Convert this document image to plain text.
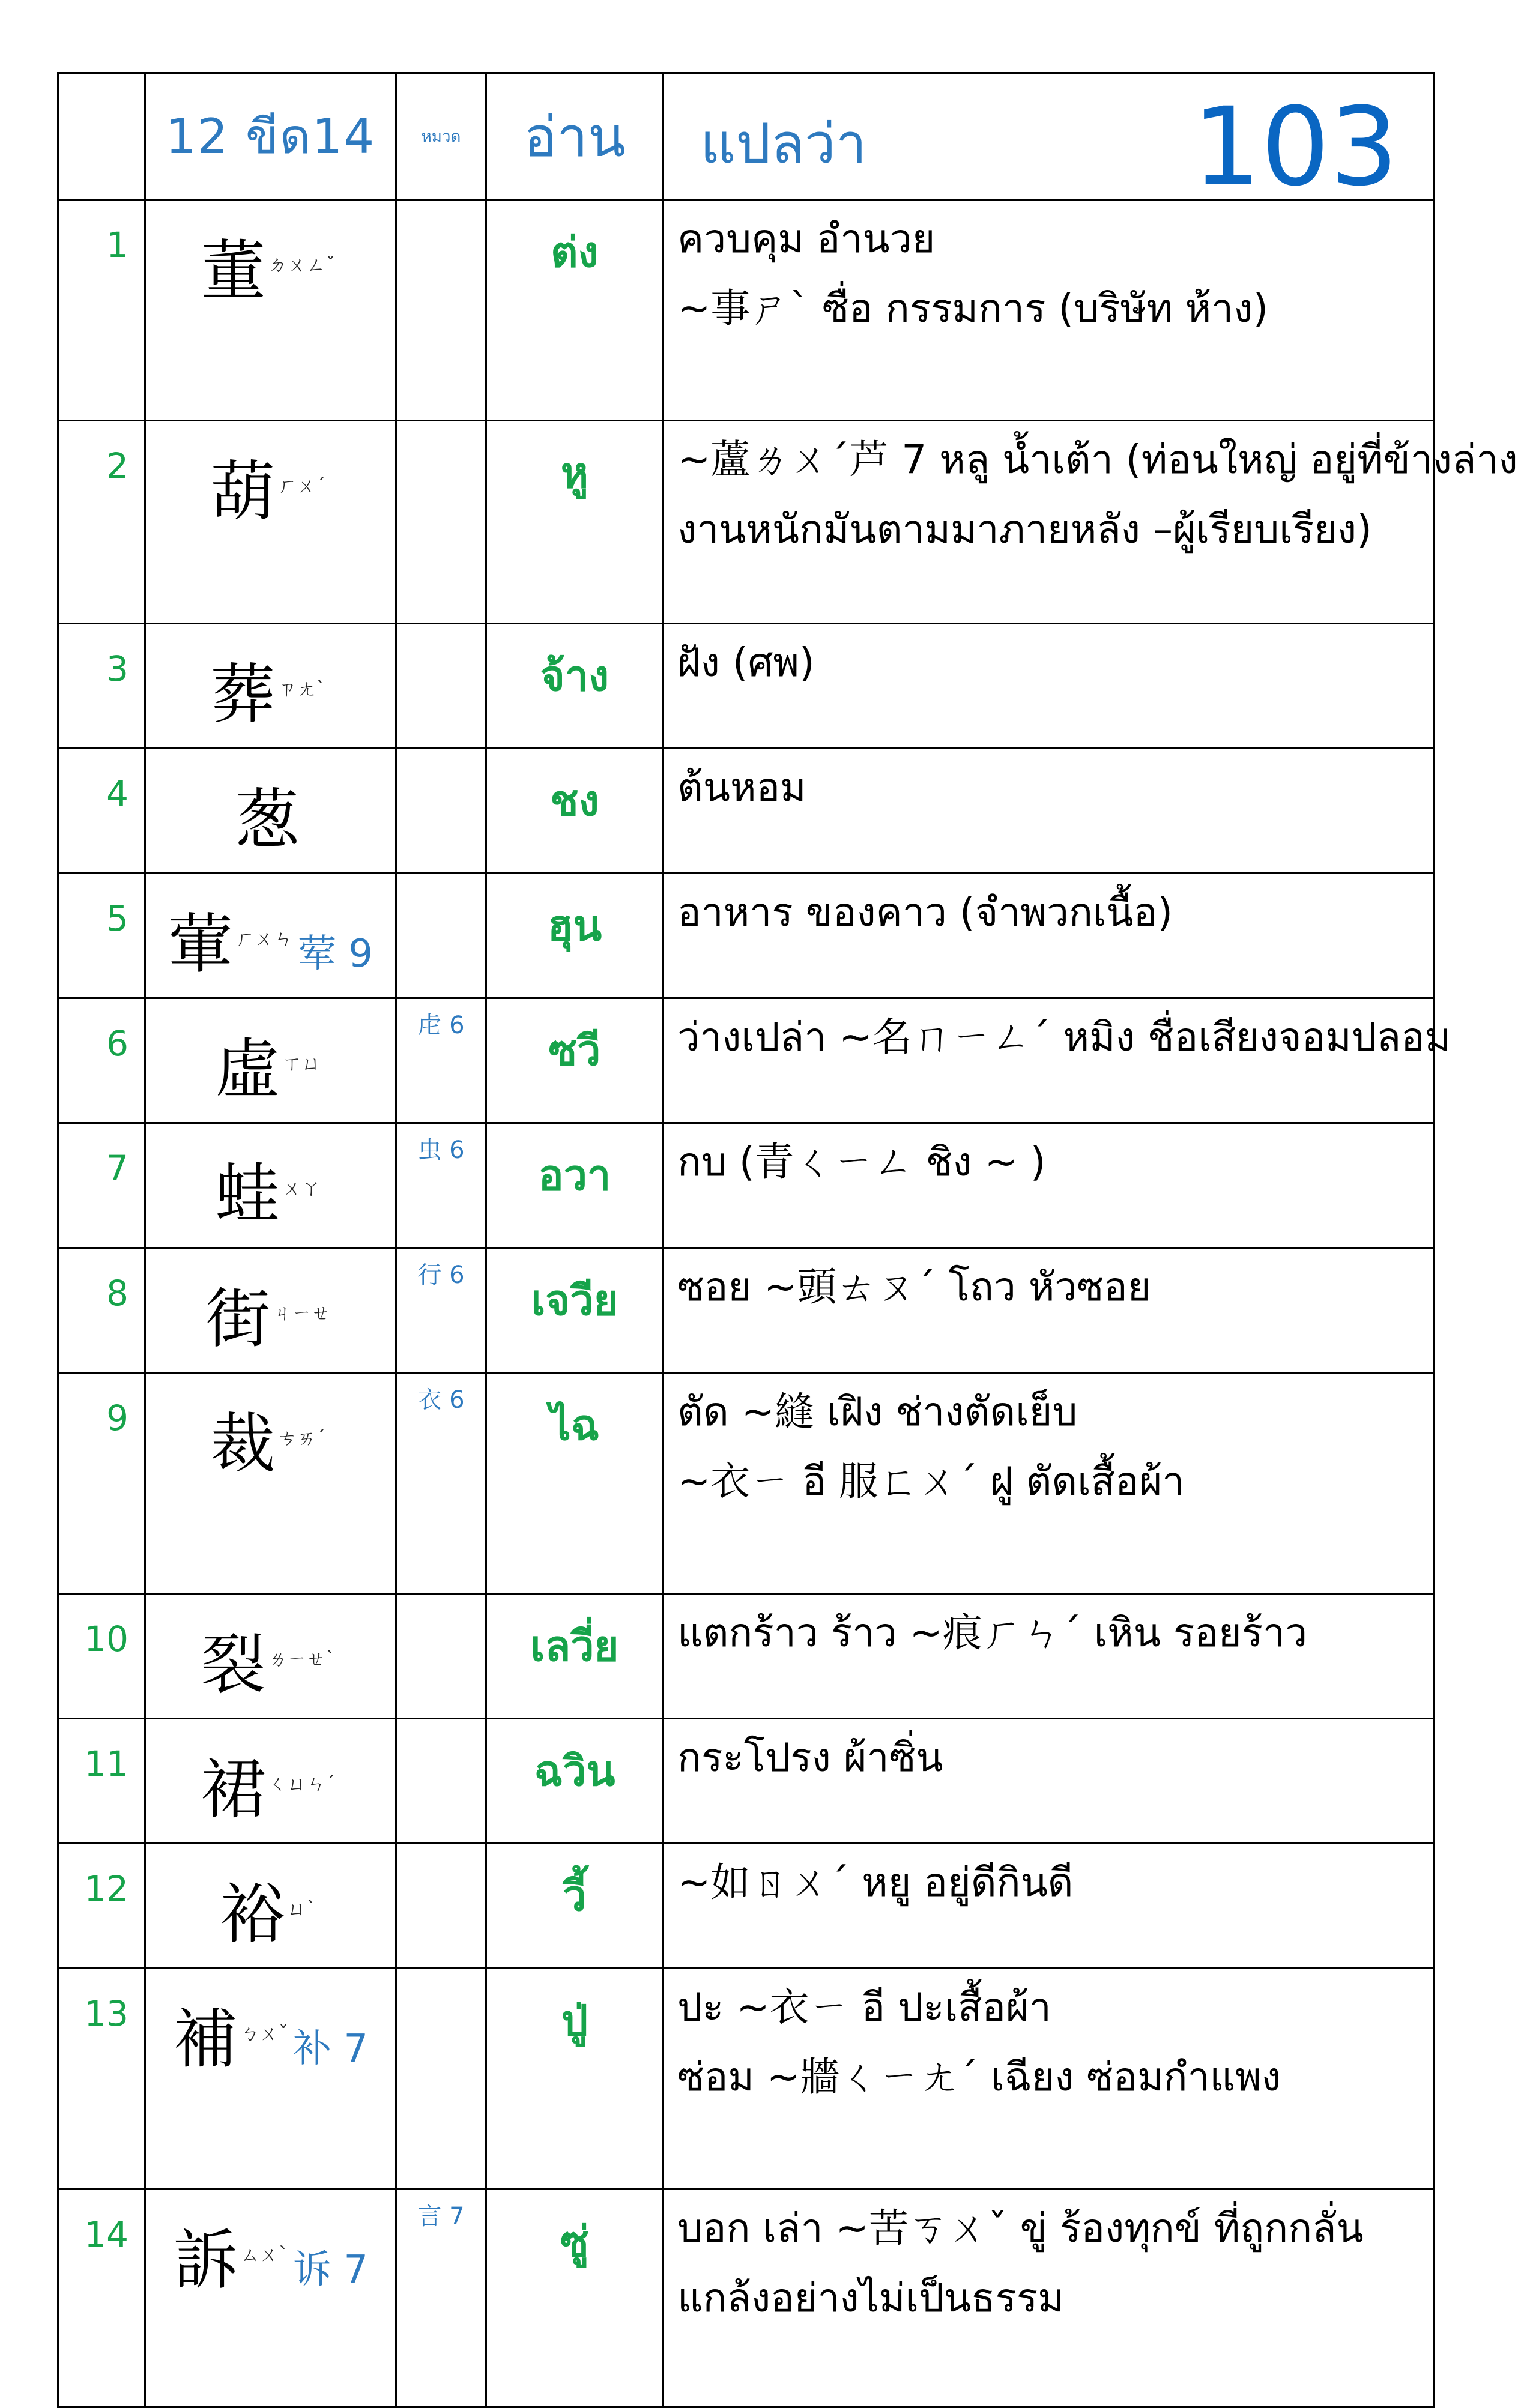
	12 ขีด14	หมวด	อ่าน	แปลว่า 103

1	董ㄉㄨㄥˇ		ต่ง	ควบคุม อำนวย
~事ㄕˋ ซื่อ กรรมการ (บริษัท ห้าง)

2	葫ㄏㄨˊ		หู	~蘆ㄌㄨˊ芦 7 หลู น้ำเต้า (ท่อนใหญ่ อยู่ที่ข้างล่าง
งานหนักมันตามมาภายหลัง –ผู้เรียบเรียง)

3	葬ㄗㄤˋ		จ้าง	ฝัง (ศพ)

4	葱		ชง	ต้นหอม

5	葷ㄏㄨㄣ 荤 9		ฮุน	อาหาร ของคาว (จำพวกเนื้อ)

6	虛ㄒㄩ	虍 6	ซวี	ว่างเปล่า ~名ㄇㄧㄥˊ หมิง ชื่อเสียงจอมปลอม

7	蛙ㄨㄚ	虫 6	อวา	กบ (青ㄑㄧㄥ ชิง ~ )

8	街ㄐㄧㄝ	行 6	เจวีย	ซอย ~頭ㄊㄡˊ โถว หัวซอย

9	裁ㄘㄞˊ	衣 6	ไฉ	ตัด ~縫 เฝิง ช่างตัดเย็บ
~衣ㄧ อี 服ㄈㄨˊ ฝู ตัดเสื้อผ้า

10	裂ㄌㄧㄝˋ		เลวี่ย	แตกร้าว ร้าว ~痕ㄏㄣˊ เหิน รอยร้าว

11	裙ㄑㄩㄣˊ		ฉวิน	กระโปรง ผ้าซิ่น

12	裕ㄩˋ		วี้	~如ㄖㄨˊ หยู อยู่ดีกินดี

13	補ㄅㄨˇ 补 7		ปู่	ปะ ~衣ㄧ อี ปะเสื้อผ้า
ซ่อม ~牆ㄑㄧㄤˊ เฉียง ซ่อมกำแพง

14	訴ㄙㄨˋ 诉 7	言 7	ซู่	บอก เล่า ~苦ㄎㄨˇ ขู่ ร้องทุกข์ ที่ถูกกลั่น
แกล้งอย่างไม่เป็นธรรม
